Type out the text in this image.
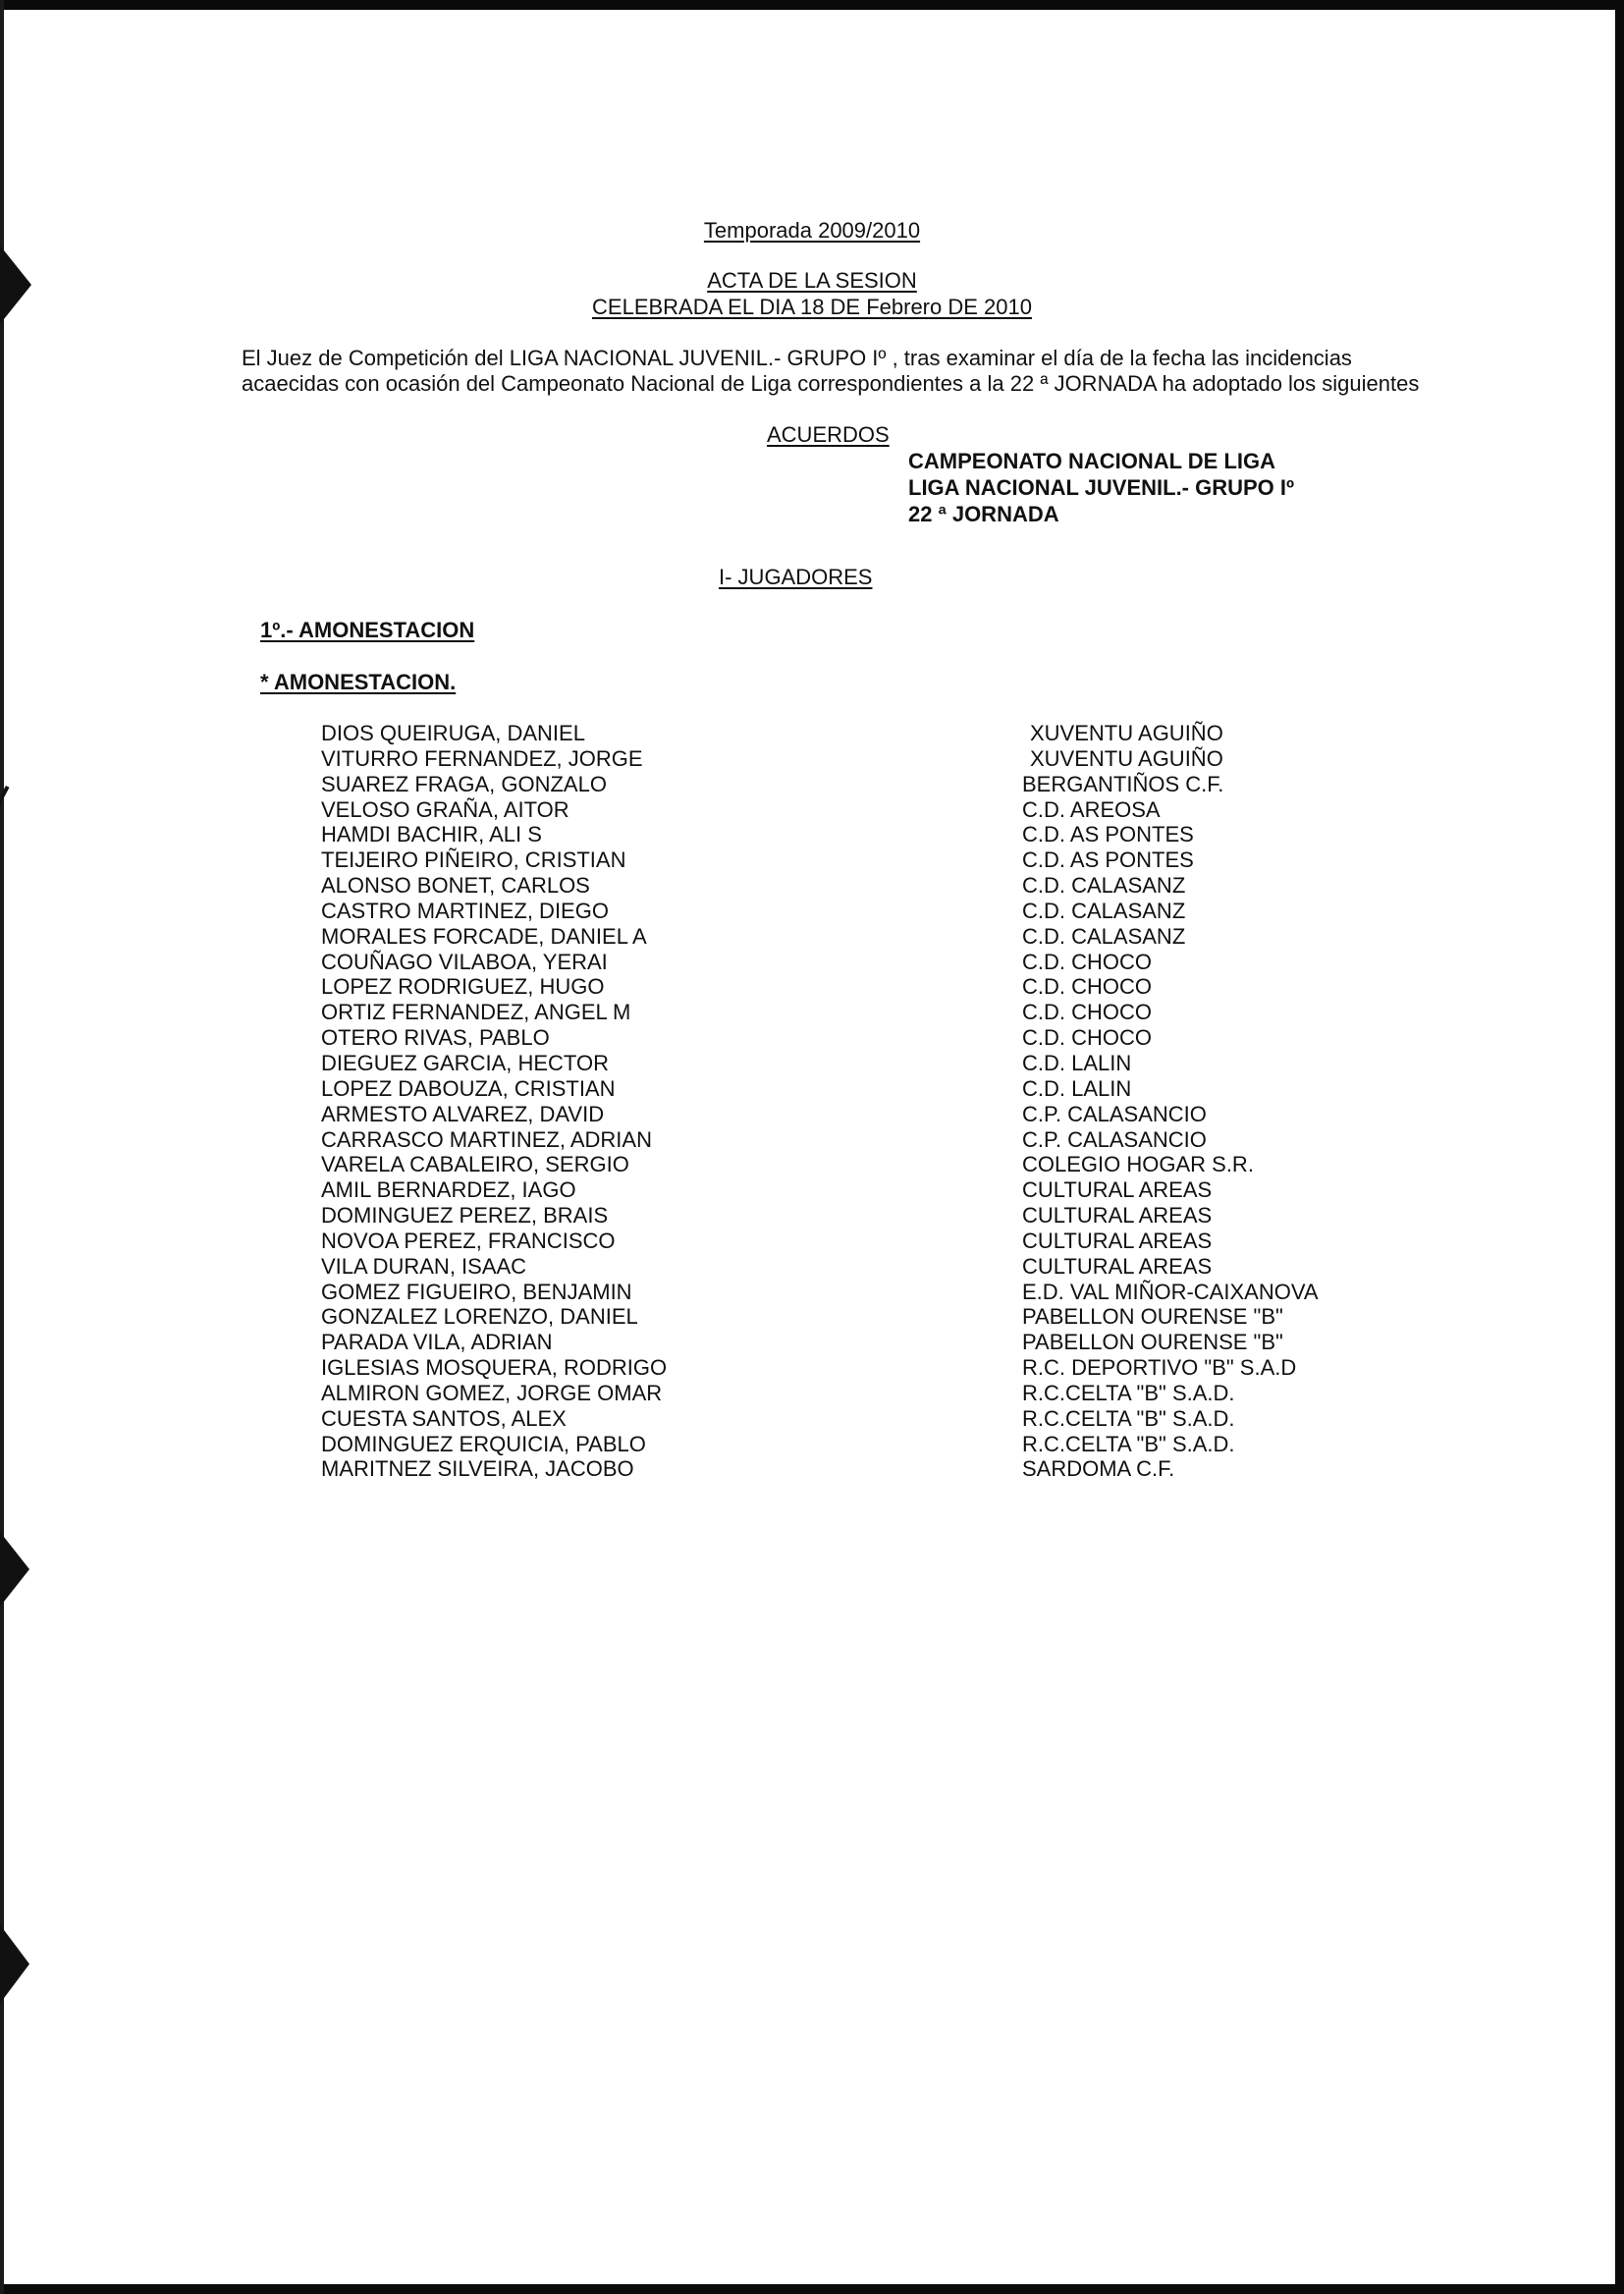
Temporada 2009/2010
ACTA DE LA SESION
CELEBRADA EL DIA 18 DE Febrero DE 2010

El Juez de Competición del LIGA NACIONAL JUVENIL.- GRUPO Iº , tras examinar el día de la fecha las incidencias

acaecidas con ocasión del Campeonato Nacional de Liga correspondientes a la 22 ª JORNADA ha adoptado los siguientes

ACUERDOS
CAMPEONATO NACIONAL DE LIGA
LIGA NACIONAL JUVENIL.- GRUPO Iº
22 ª JORNADA
I- JUGADORES
1º.- AMONESTACION
* AMONESTACION.
DIOS QUEIRUGA, DANIEL
VITURRO FERNANDEZ, JORGE
SUAREZ FRAGA, GONZALO
VELOSO GRAÑA, AITOR
HAMDI BACHIR, ALI S
TEIJEIRO PIÑEIRO, CRISTIAN
ALONSO BONET, CARLOS
CASTRO MARTINEZ, DIEGO
MORALES FORCADE, DANIEL A
COUÑAGO VILABOA, YERAI
LOPEZ RODRIGUEZ, HUGO
ORTIZ FERNANDEZ, ANGEL M
OTERO RIVAS, PABLO
DIEGUEZ GARCIA, HECTOR
LOPEZ DABOUZA, CRISTIAN
ARMESTO ALVAREZ, DAVID
CARRASCO MARTINEZ, ADRIAN
VARELA CABALEIRO, SERGIO
AMIL BERNARDEZ, IAGO
DOMINGUEZ PEREZ, BRAIS
NOVOA PEREZ, FRANCISCO
VILA DURAN, ISAAC
GOMEZ FIGUEIRO, BENJAMIN
GONZALEZ LORENZO, DANIEL
PARADA VILA, ADRIAN
IGLESIAS MOSQUERA, RODRIGO
ALMIRON GOMEZ, JORGE OMAR
CUESTA SANTOS, ALEX
DOMINGUEZ ERQUICIA, PABLO
MARITNEZ SILVEIRA, JACOBO
XUVENTU AGUIÑO
XUVENTU AGUIÑO
BERGANTIÑOS C.F.
C.D. AREOSA
C.D. AS PONTES
C.D. AS PONTES
C.D. CALASANZ
C.D. CALASANZ
C.D. CALASANZ
C.D. CHOCO
C.D. CHOCO
C.D. CHOCO
C.D. CHOCO
C.D. LALIN
C.D. LALIN
C.P. CALASANCIO
C.P. CALASANCIO
COLEGIO HOGAR S.R.
CULTURAL AREAS
CULTURAL AREAS
CULTURAL AREAS
CULTURAL AREAS
E.D. VAL MIÑOR-CAIXANOVA
PABELLON OURENSE "B"
PABELLON OURENSE "B"
R.C. DEPORTIVO "B" S.A.D
R.C.CELTA "B" S.A.D.
R.C.CELTA "B" S.A.D.
R.C.CELTA "B" S.A.D.
SARDOMA C.F.
